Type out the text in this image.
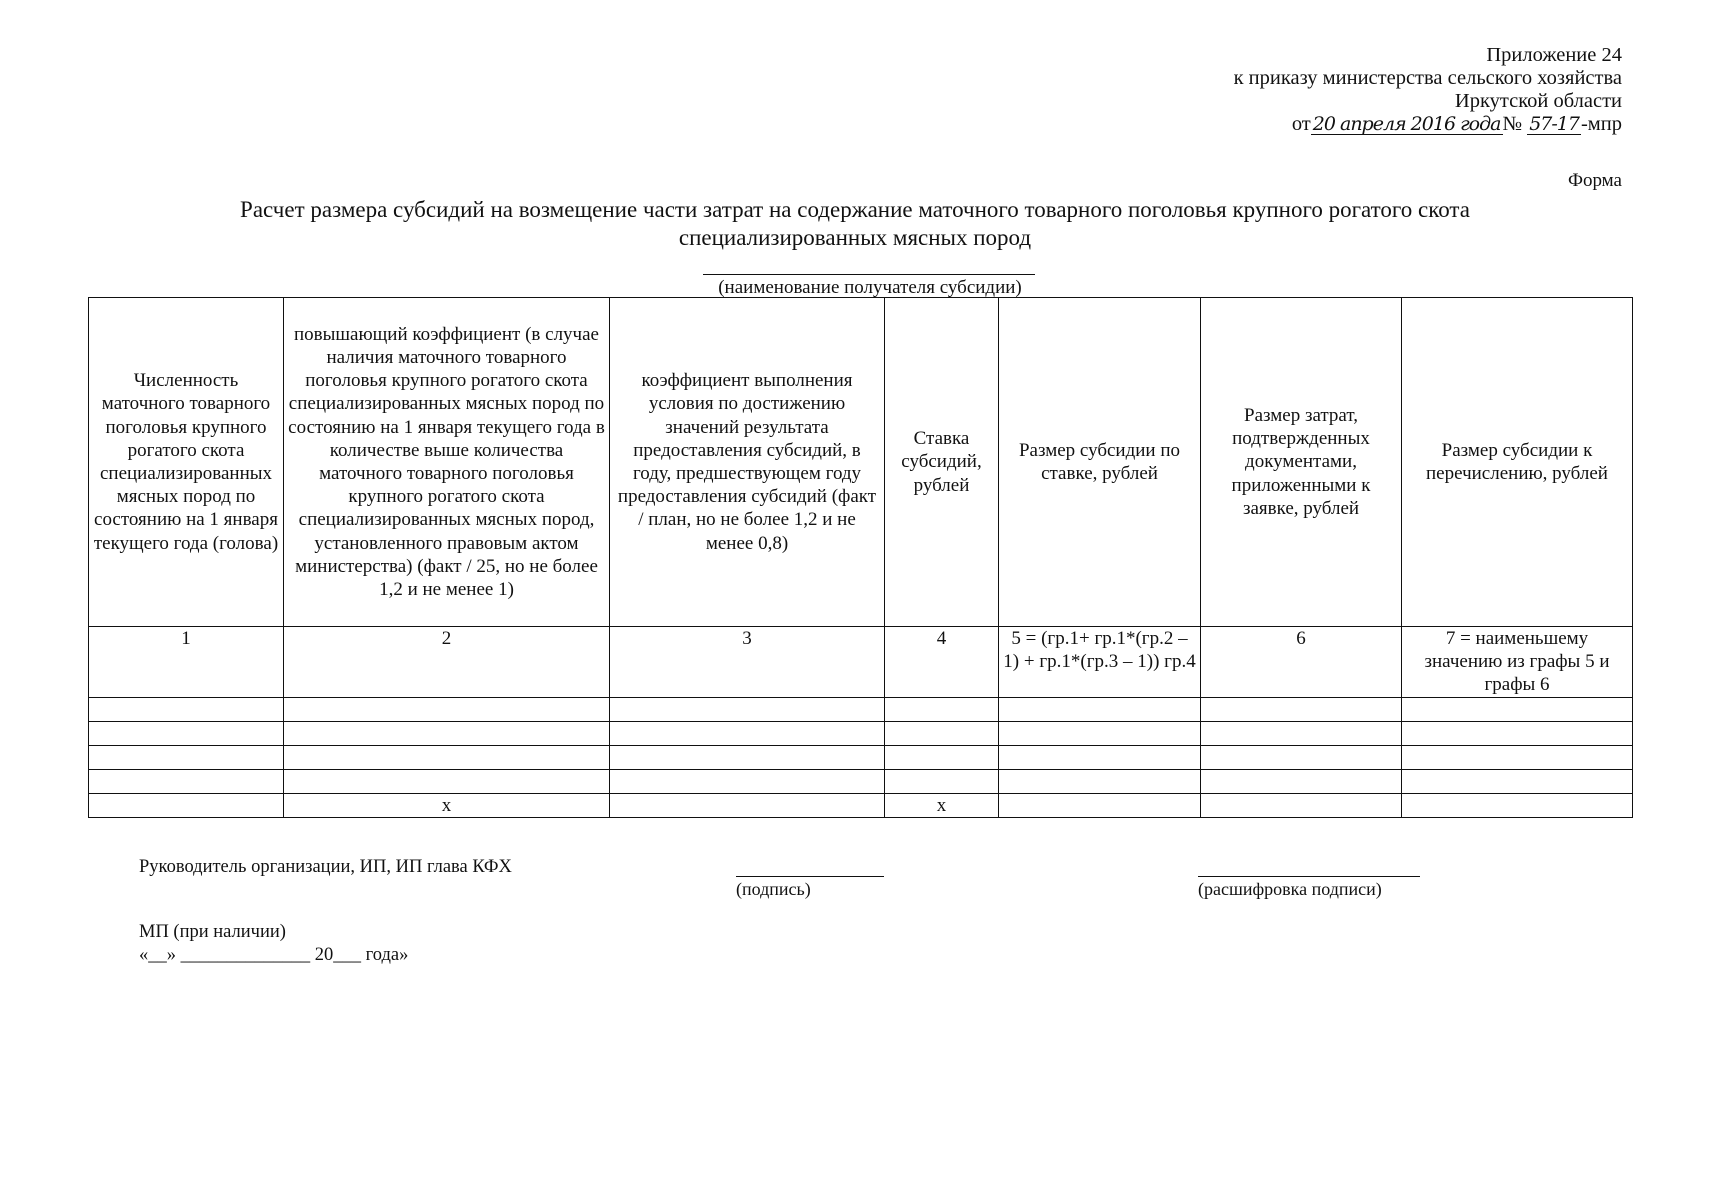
Приложение 24
к приказу министерства сельского хозяйства
Иркутской области
от 20 апреля 2016 года№ 57-17-мпр
Форма
Расчет размера субсидий на возмещение части затрат на содержание маточного товарного поголовья крупного рогатого скота
специализированных мясных пород
(наименование получателя субсидии)
Численность маточного товарного поголовья крупного рогатого скота специализированных мясных пород по состоянию на 1 января текущего года (голова)	повышающий коэффициент (в случае наличия маточного товарного поголовья крупного рогатого скота специализированных мясных пород по состоянию на 1 января текущего года в количестве выше количества маточного товарного поголовья крупного рогатого скота специализированных мясных пород, установленного правовым актом министерства) (факт / 25, но не более 1,2 и не менее 1)	коэффициент выполнения условия по достижению значений результата предоставления субсидий, в году, предшествующем году предоставления субсидий (факт / план, но не более 1,2 и не менее 0,8)	Ставка субсидий, рублей	Размер субсидии по ставке, рублей	Размер затрат, подтвержденных документами, приложенными к заявке, рублей	Размер субсидии к перечислению, рублей
1	2	3	4	5 = (гр.1+ гр.1*(гр.2 – 1) + гр.1*(гр.3 – 1)) гр.4	6	7 = наименьшему значению из графы 5 и графы 6

	х		х			
Руководитель организации, ИП, ИП глава КФХ
(подпись)	(расшифровка подписи)
МП (при наличии)
«__» ______________ 20___ года»
